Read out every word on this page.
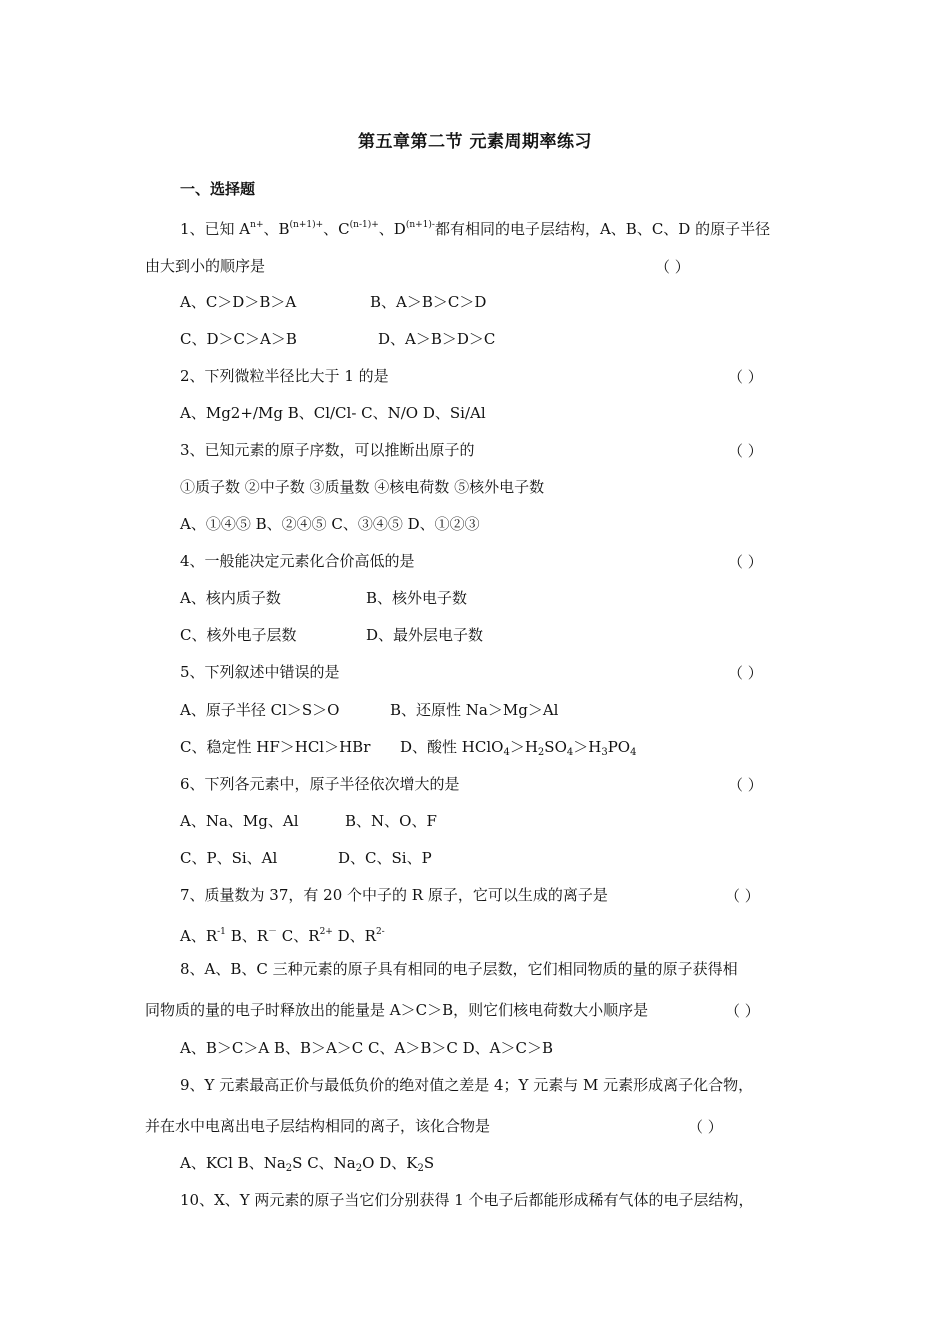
第五章第二节 元素周期率练习
一、选择题
1、已知 $A^{n+}$、$B^{(n+1)+}$、$C^{(n-1)+}$、$D^{(n+1)-}$都有相同的电子层结构，A、B、C、D 的原子半径
由大到小的顺序是	（ ）
A、C＞D＞B＞A	B、A＞B＞C＞D
C、D＞C＞A＞B	D、A＞B＞D＞C
2、下列微粒半径比大于 1 的是	（ ）
A、Mg2+/Mg B、Cl/Cl- C、N/O D、Si/Al
3、已知元素的原子序数，可以推断出原子的	（ ）
①质子数 ②中子数 ③质量数 ④核电荷数 ⑤核外电子数
A、①④⑤ B、②④⑤ C、③④⑤ D、①②③
4、一般能决定元素化合价高低的是	（ ）
A、核内质子数	B、核外电子数
C、核外电子层数	D、最外层电子数
5、下列叙述中错误的是	（ ）
A、原子半径 Cl＞S＞O	B、还原性 Na＞Mg＞Al
C、稳定性 HF＞HCl＞HBr D、酸性 $HClO_4>H_2SO_4>H_3PO_4$
6、下列各元素中，原子半径依次增大的是	（ ）
A、Na、Mg、Al	B、N、O、F
C、P、Si、Al	D、C、Si、P
7、质量数为 37，有 20 个中子的 R 原子，它可以生成的离子是	（ ）
A、$R^{-1}$ B、R－ C、$R^{2+}$ D、$R^{2-}$
8、A、B、C 三种元素的原子具有相同的电子层数，它们相同物质的量的原子获得相
同物质的量的电子时释放出的能量是 A＞C＞B，则它们核电荷数大小顺序是	（ ）
A、B＞C＞A B、B＞A＞C C、A＞B＞C D、A＞C＞B
9、Y 元素最高正价与最低负价的绝对值之差是 4；Y 元素与 M 元素形成离子化合物，
并在水中电离出电子层结构相同的离子，该化合物是	（ ）
A、KCl B、$Na_2S$ C、$Na_2O$ D、$K_2S$
10、X、Y 两元素的原子当它们分别获得 1 个电子后都能形成稀有气体的电子层结构，
